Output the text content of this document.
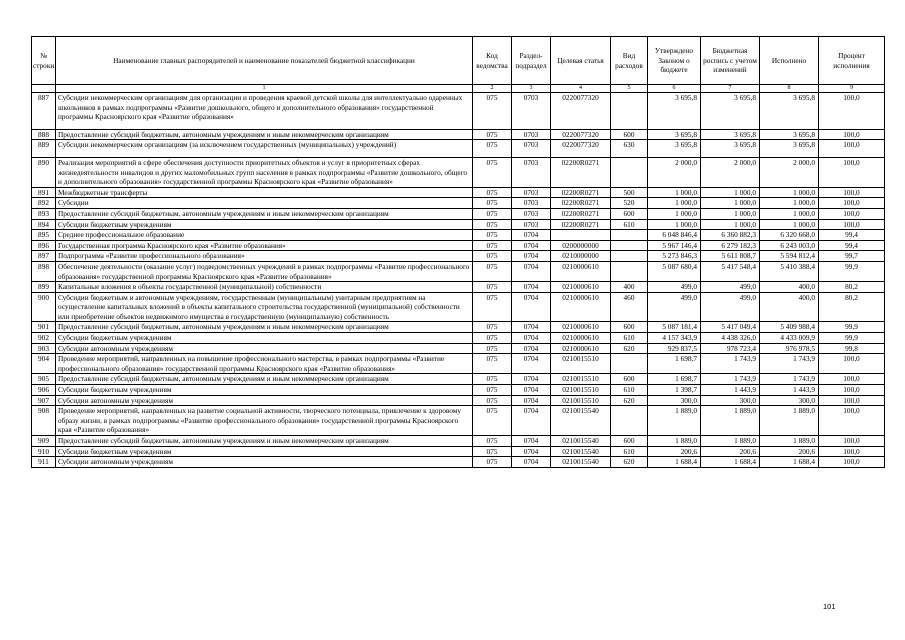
№ строки	Наименование главных распорядителей и наименование показателей бюджетной классификации	Код ведомства	Раздел-подраздел	Целевая статья	Вид расходов	Утверждено Законом о бюджете	Бюджетная роспись с учетом изменений	Исполнено	Процент исполнения
	1	2	3	4	5	6	7	8	9
887	Субсидии некоммерческим организациям для организации и проведения краевой детской школы для интеллектуально одаренных школьников в рамках подпрограммы «Развитие дошкольного, общего и дополнительного образования» государственной программы Красноярского края «Развитие образования»	075	0703	0220077320		3 695,8	3 695,8	3 695,8	100,0
888	Предоставление субсидий бюджетным, автономным учреждениям и иным некоммерческим организациям	075	0703	0220077320	600	3 695,8	3 695,8	3 695,8	100,0
889	Субсидии некоммерческим организациям (за исключением государственных (муниципальных) учреждений)	075	0703	0220077320	630	3 695,8	3 695,8	3 695,8	100,0
890	Реализация мероприятий в сфере обеспечения доступности приоритетных объектов и услуг в приоритетных сферах жизнедеятельности инвалидов и других маломобильных групп населения в рамках подпрограммы «Развитие дошкольного, общего и дополнительного образования» государственной программы Красноярского края «Развитие образования»	075	0703	02200R0271		2 000,0	2 000,0	2 000,0	100,0
891	Межбюджетные трансферты	075	0703	02200R0271	500	1 000,0	1 000,0	1 000,0	100,0
892	Субсидии	075	0703	02200R0271	520	1 000,0	1 000,0	1 000,0	100,0
893	Предоставление субсидий бюджетным, автономным учреждениям и иным некоммерческим организациям	075	0703	02200R0271	600	1 000,0	1 000,0	1 000,0	100,0
894	Субсидии бюджетным учреждениям	075	0703	02200R0271	610	1 000,0	1 000,0	1 000,0	100,0
895	Среднее профессиональное образование	075	0704			6 048 846,4	6 360 882,3	6 320 668,0	99,4
896	Государственная программа Красноярского края «Развитие образования»	075	0704	0200000000		5 967 146,4	6 279 182,3	6 243 003,0	99,4
897	Подпрограмма «Развитие профессионального образования»	075	0704	0210000000		5 273 846,3	5 611 808,7	5 594 812,4	99,7
898	Обеспечение деятельности (оказание услуг) подведомственных учреждений в рамках подпрограммы «Развитие профессионального образования» государственной программы Красноярского края «Развитие образования»	075	0704	0210000610		5 087 680,4	5 417 548,4	5 410 388,4	99,9
899	Капитальные вложения в объекты государственной (муниципальной) собственности	075	0704	0210000610	400	499,0	499,0	400,0	80,2
900	Субсидии бюджетным и автономным учреждениям, государственным (муниципальным) унитарным предприятиям на осуществление капитальных вложений в объекты капитального строительства государственной (муниципальной) собственности или приобретение объектов недвижимого имущества в государственную (муниципальную) собственность	075	0704	0210000610	460	499,0	499,0	400,0	80,2
901	Предоставление субсидий бюджетным, автономным учреждениям и иным некоммерческим организациям	075	0704	0210000610	600	5 087 181,4	5 417 049,4	5 409 988,4	99,9
902	Субсидии бюджетным учреждениям	075	0704	0210000610	610	4 157 343,9	4 438 326,0	4 433 009,9	99,9
903	Субсидии автономным учреждениям	075	0704	0210000610	620	929 837,5	978 723,4	976 978,5	99,8
904	Проведение мероприятий, направленных на повышение профессионального мастерства, в рамках подпрограммы «Развитие профессионального образования» государственной программы Красноярского края «Развитие образования»	075	0704	0210015510		1 698,7	1 743,9	1 743,9	100,0
905	Предоставление субсидий бюджетным, автономным учреждениям и иным некоммерческим организациям	075	0704	0210015510	600	1 698,7	1 743,9	1 743,9	100,0
906	Субсидии бюджетным учреждениям	075	0704	0210015510	610	1 398,7	1 443,9	1 443,9	100,0
907	Субсидии автономным учреждениям	075	0704	0210015510	620	300,0	300,0	300,0	100,0
908	Проведение мероприятий, направленных на развитие социальной активности, творческого потенциала, привлечение к здоровому образу жизни, в рамках подпрограммы «Развитие профессионального образования» государственной программы Красноярского края «Развитие образования»	075	0704	0210015540		1 889,0	1 889,0	1 889,0	100,0
909	Предоставление субсидий бюджетным, автономным учреждениям и иным некоммерческим организациям	075	0704	0210015540	600	1 889,0	1 889,0	1 889,0	100,0
910	Субсидии бюджетным учреждениям	075	0704	0210015540	610	200,6	200,6	200,6	100,0
911	Субсидии автономным учреждениям	075	0704	0210015540	620	1 688,4	1 688,4	1 688,4	100,0
101
